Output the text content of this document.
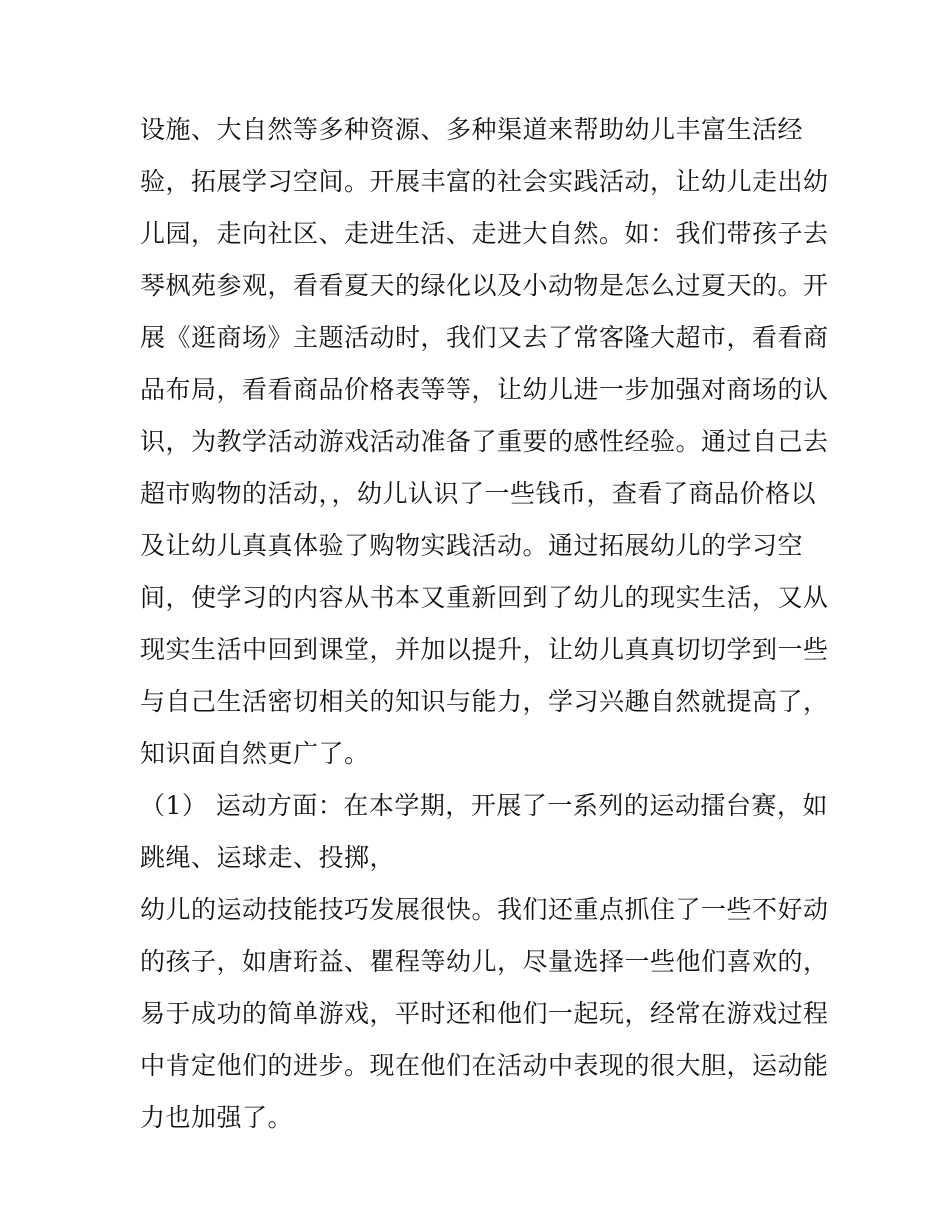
设施、大自然等多种资源、多种渠道来帮助幼儿丰富生活经
验，拓展学习空间。开展丰富的社会实践活动，让幼儿走出幼
儿园，走向社区、走进生活、走进大自然。如：我们带孩子去
琴枫苑参观，看看夏天的绿化以及小动物是怎么过夏天的。开
展《逛商场》主题活动时，我们又去了常客隆大超市，看看商
品布局，看看商品价格表等等，让幼儿进一步加强对商场的认
识，为教学活动游戏活动准备了重要的感性经验。通过自己去
超市购物的活动，，幼儿认识了一些钱币，查看了商品价格以
及让幼儿真真体验了购物实践活动。通过拓展幼儿的学习空
间，使学习的内容从书本又重新回到了幼儿的现实生活，又从
现实生活中回到课堂，并加以提升，让幼儿真真切切学到一些
与自己生活密切相关的知识与能力，学习兴趣自然就提高了，
知识面自然更广了。
（1） 运动方面：在本学期，开展了一系列的运动擂台赛，如
跳绳、运球走、投掷，
幼儿的运动技能技巧发展很快。我们还重点抓住了一些不好动
的孩子，如唐珩益、瞿程等幼儿，尽量选择一些他们喜欢的，
易于成功的简单游戏，平时还和他们一起玩，经常在游戏过程
中肯定他们的进步。现在他们在活动中表现的很大胆，运动能
力也加强了。
